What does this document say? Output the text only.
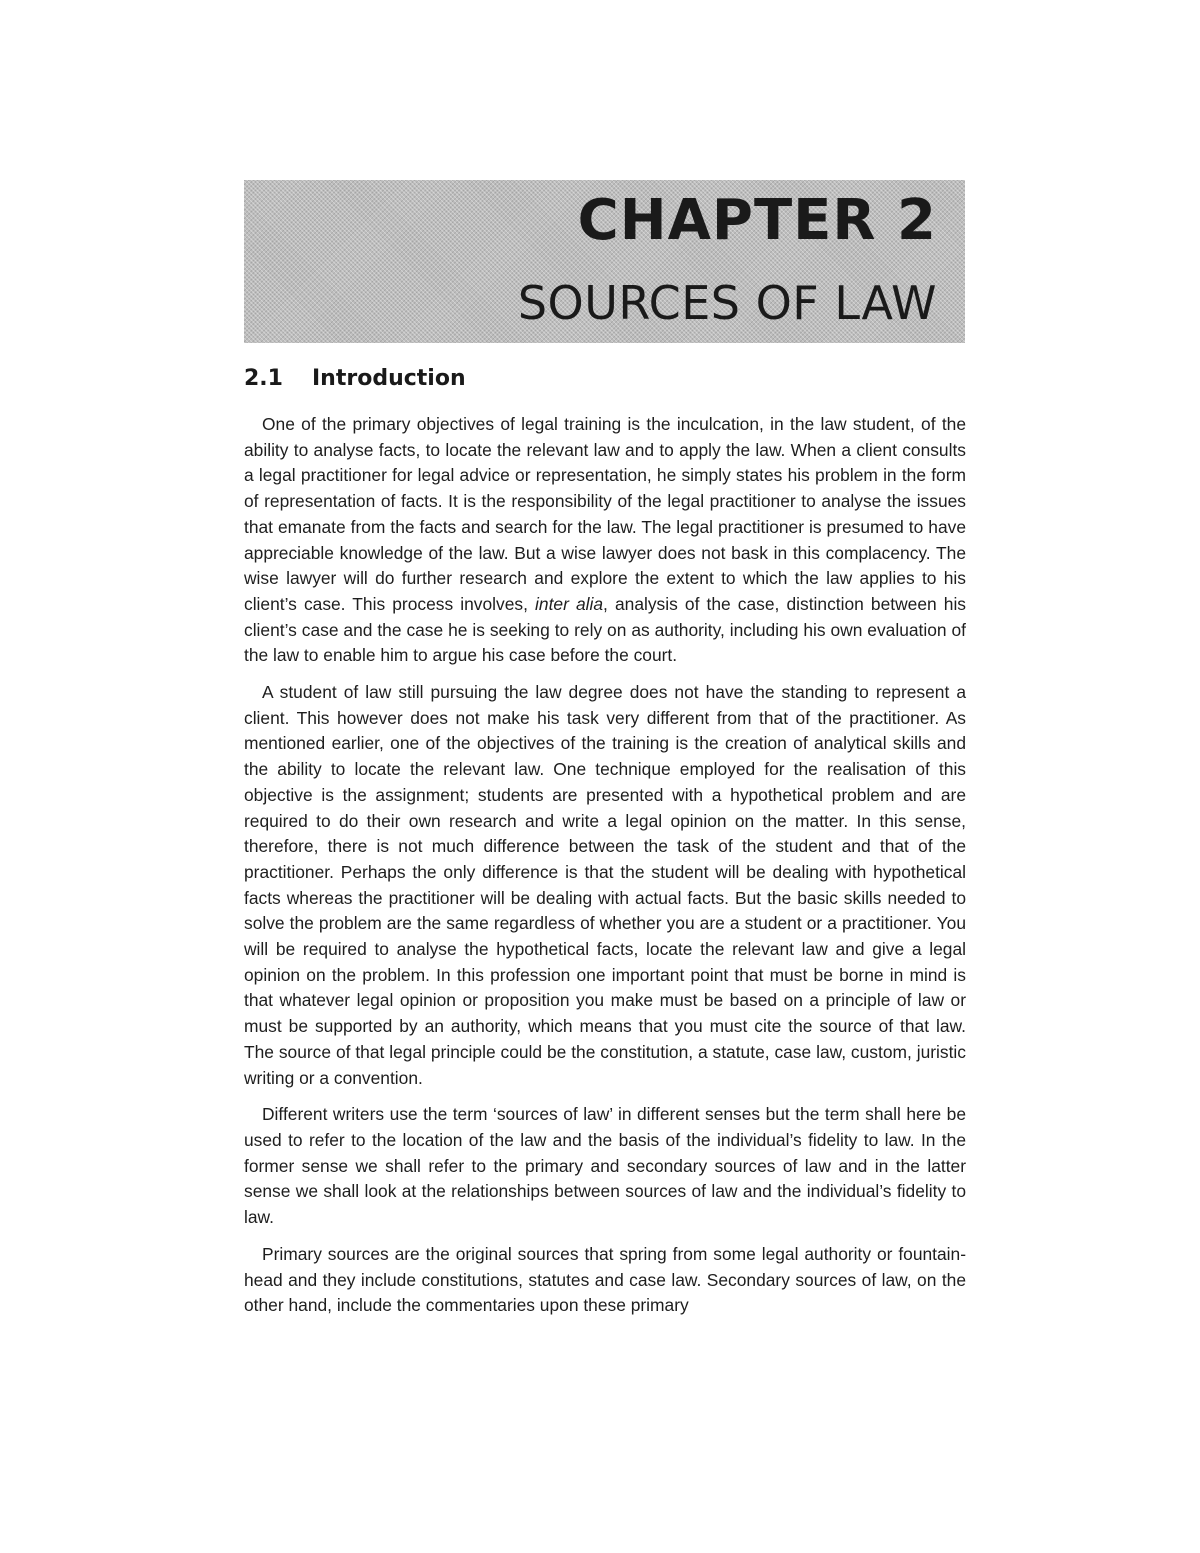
CHAPTER 2
SOURCES OF LAW
2.1 Introduction

One of the primary objectives of legal training is the inculcation, in the law student, of the ability to analyse facts, to locate the relevant law and to apply the law. When a client consults a legal practitioner for legal advice or representation, he simply states his problem in the form of representation of facts. It is the responsibility of the legal practitioner to analyse the issues that emanate from the facts and search for the law. The legal practitioner is presumed to have appreciable knowledge of the law. But a wise lawyer does not bask in this complacency. The wise lawyer will do further research and explore the extent to which the law applies to his client’s case. This process involves, inter alia, analysis of the case, distinction between his client’s case and the case he is seeking to rely on as authority, including his own evaluation of the law to enable him to argue his case before the court.

A student of law still pursuing the law degree does not have the standing to represent a client. This however does not make his task very different from that of the practitioner. As mentioned earlier, one of the objectives of the training is the creation of analytical skills and the ability to locate the relevant law. One technique employed for the realisation of this objective is the assignment; students are presented with a hypothetical problem and are required to do their own research and write a legal opinion on the matter. In this sense, therefore, there is not much difference between the task of the student and that of the practitioner. Perhaps the only difference is that the student will be dealing with hypothetical facts whereas the practitioner will be dealing with actual facts. But the basic skills needed to solve the problem are the same regardless of whether you are a student or a practitioner. You will be required to analyse the hypothetical facts, locate the relevant law and give a legal opinion on the problem. In this profession one important point that must be borne in mind is that whatever legal opinion or proposition you make must be based on a principle of law or must be supported by an authority, which means that you must cite the source of that law. The source of that legal principle could be the constitution, a statute, case law, custom, juristic writing or a convention.

Different writers use the term ‘sources of law’ in different senses but the term shall here be used to refer to the location of the law and the basis of the individual’s fidelity to law. In the former sense we shall refer to the primary and secondary sources of law and in the latter sense we shall look at the relationships between sources of law and the individual’s fidelity to law.

Primary sources are the original sources that spring from some legal authority or fountain-head and they include constitutions, statutes and case law. Secondary sources of law, on the other hand, include the commentaries upon these primary
